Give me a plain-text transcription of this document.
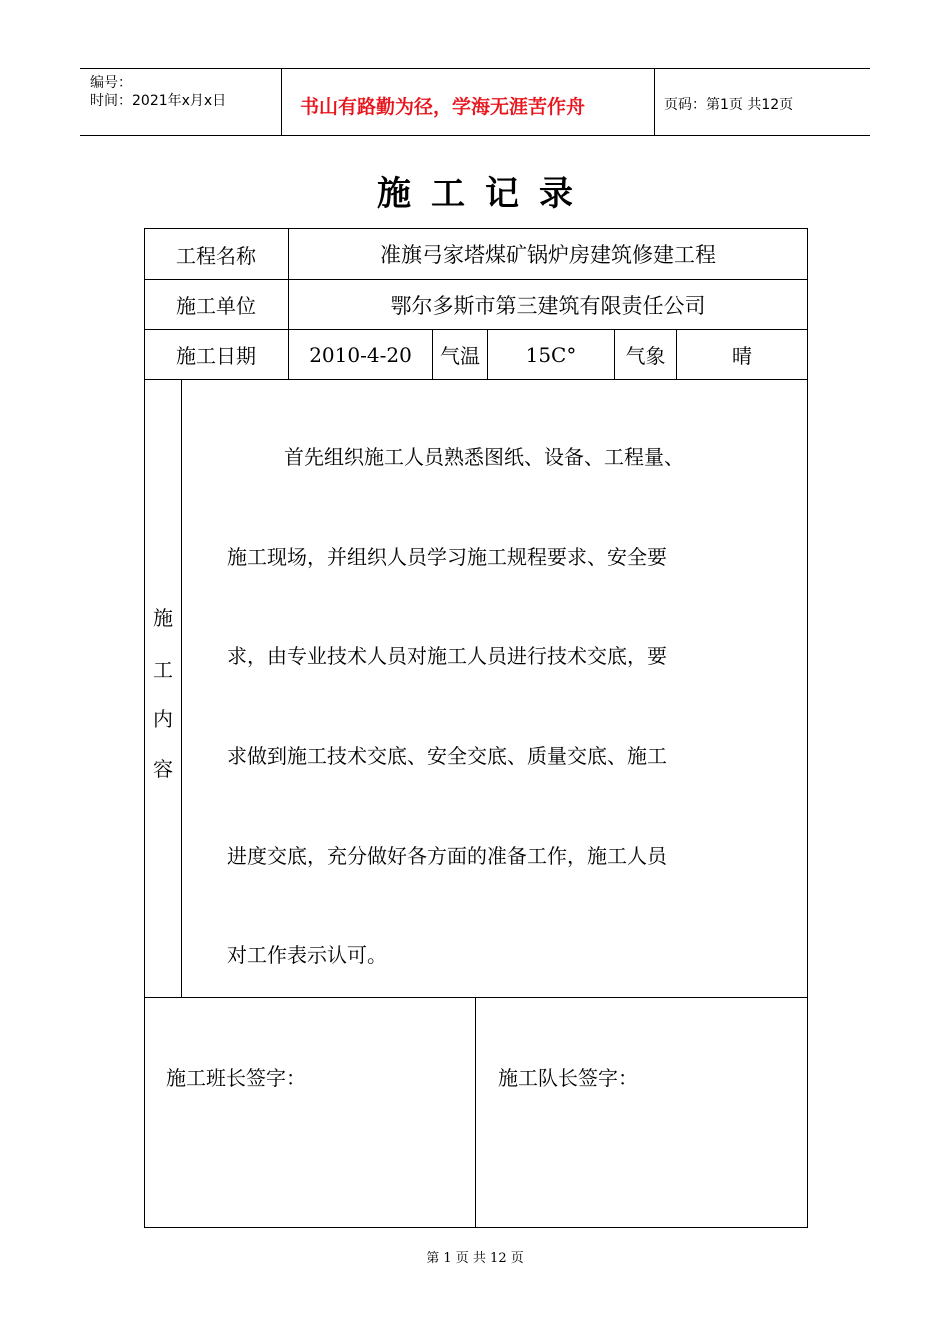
编号：
时间：2021年x月x日	书山有路勤为径，学海无涯苦作舟	页码：第1页 共12页
施工记录
工程名称	准旗弓家塔煤矿锅炉房建筑修建工程
施工单位	鄂尔多斯市第三建筑有限责任公司
施工日期	2010-4-20	气温	15C°	气象	晴
施
工
内
容
首先组织施工人员熟悉图纸、设备、工程量、
施工现场，并组织人员学习施工规程要求、安全要
求，由专业技术人员对施工人员进行技术交底，要
求做到施工技术交底、安全交底、质量交底、施工
进度交底，充分做好各方面的准备工作，施工人员
对工作表示认可。
施工班长签字：	施工队长签字：
第 1 页 共 12 页
